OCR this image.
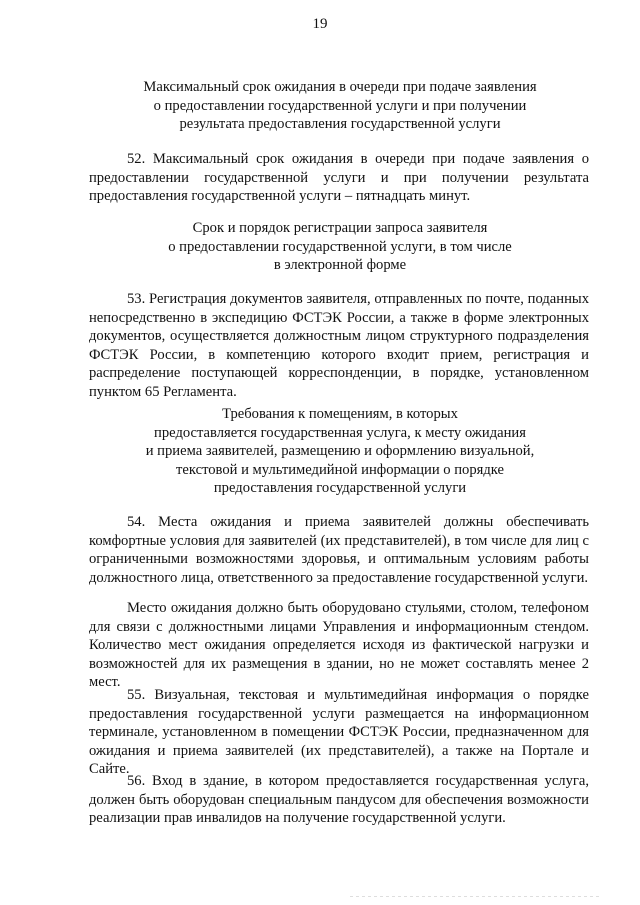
19
Максимальный срок ожидания в очереди при подаче заявления
о предоставлении государственной услуги и при получении
результата предоставления государственной услуги

52. Максимальный срок ожидания в очереди при подаче заявления о предоставлении государственной услуги и при получении результата предоставления государственной услуги – пятнадцать минут.

Срок и порядок регистрации запроса заявителя
о предоставлении государственной услуги, в том числе
в электронной форме

53. Регистрация документов заявителя, отправленных по почте, поданных непосредственно в экспедицию ФСТЭК России, а также в форме электронных документов, осуществляется должностным лицом структурного подразделения ФСТЭК России, в компетенцию которого входит прием, регистрация и распределение поступающей корреспонденции, в порядке, установленном пунктом 65 Регламента.

Требования к помещениям, в которых
предоставляется государственная услуга, к месту ожидания
и приема заявителей, размещению и оформлению визуальной,
текстовой и мультимедийной информации о порядке
предоставления государственной услуги

54. Места ожидания и приема заявителей должны обеспечивать комфортные условия для заявителей (их представителей), в том числе для лиц с ограниченными возможностями здоровья, и оптимальным условиям работы должностного лица, ответственного за предоставление государственной услуги.

Место ожидания должно быть оборудовано стульями, столом, телефоном для связи с должностными лицами Управления и информационным стендом. Количество мест ожидания определяется исходя из фактической нагрузки и возможностей для их размещения в здании, но не может составлять менее 2 мест.

55. Визуальная, текстовая и мультимедийная информация о порядке предоставления государственной услуги размещается на информационном терминале, установленном в помещении ФСТЭК России, предназначенном для ожидания и приема заявителей (их представителей), а также на Портале и Сайте.

56. Вход в здание, в котором предоставляется государственная услуга, должен быть оборудован специальным пандусом для обеспечения возможности реализации прав инвалидов на получение государственной услуги.
